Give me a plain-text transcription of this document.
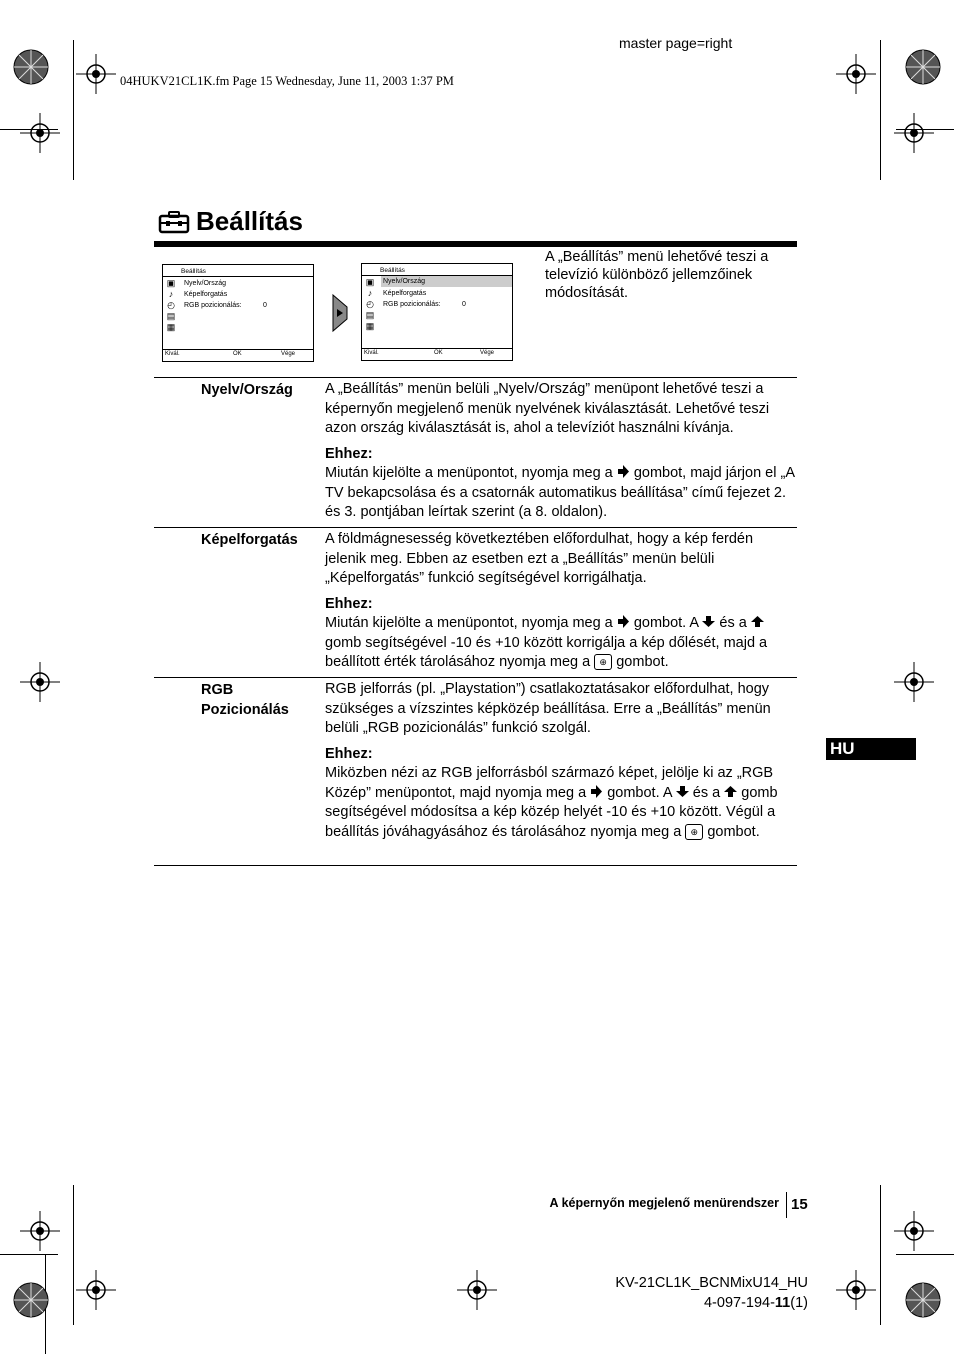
master page=right
04HUKV21CL1K.fm Page 15 Wednesday, June 11, 2003 1:37 PM
Beállítás
Beállítás
▣
♪
◴
▤
▦
Nyelv/Ország
Képelforgatás
RGB pozicionálás:	0
Kivál.	OK	Vége
Beállítás
▣
♪
◴
▤
▦
Nyelv/Ország
Képelforgatás
RGB pozicionálás:	0
Kivál.	OK	Vége
A „Beállítás” menü lehetővé teszi a televízió különböző jellemzőinek módosítását.
Nyelv/Ország A „Beállítás” menün belüli „Nyelv/Ország” menüpont lehetővé teszi a képernyőn megjelenő menük nyelvének kiválasztását. Lehetővé teszi azon ország kiválasztását is, ahol a televíziót használni kívánja.

Ehhez:

Miután kijelölte a menüpontot, nyomja meg a gombot, majd járjon el „A TV bekapcsolása és a csatornák automatikus beállítása” című fejezet 2. és 3. pontjában leírtak szerint (a 8. oldalon).

Képelforgatás A földmágnesesség következtében előfordulhat, hogy a kép ferdén jelenik meg. Ebben az esetben ezt a „Beállítás” menün belüli „Képelforgatás” funkció segítségével korrigálhatja.

Ehhez:

Miután kijelölte a menüpontot, nyomja meg a gombot. A és a  gomb segítségével -10 és +10 között korrigálja a kép dőlését, majd a beállított érték tárolásához nyomja meg a ⊕ gombot.

RGB
Pozicionálás

RGB jelforrás (pl. „Playstation”) csatlakoztatásakor előfordulhat, hogy szükséges a vízszintes képközép beállítása. Erre a „Beállítás” menün belüli „RGB pozicionálás” funkció szolgál.

Ehhez:

Miközben nézi az RGB jelforrásból származó képet, jelölje ki az „RGB Közép” menüpontot, majd nyomja meg a gombot. A és a gomb segítségével módosítsa a kép közép helyét -10 és +10 között. Végül a beállítás jóváhagyásához és tárolásához nyomja meg a ⊕ gombot.

HU
A képernyőn megjelenő menürendszer 15
KV-21CL1K_BCNMixU14_HU
4-097-194-11(1)
